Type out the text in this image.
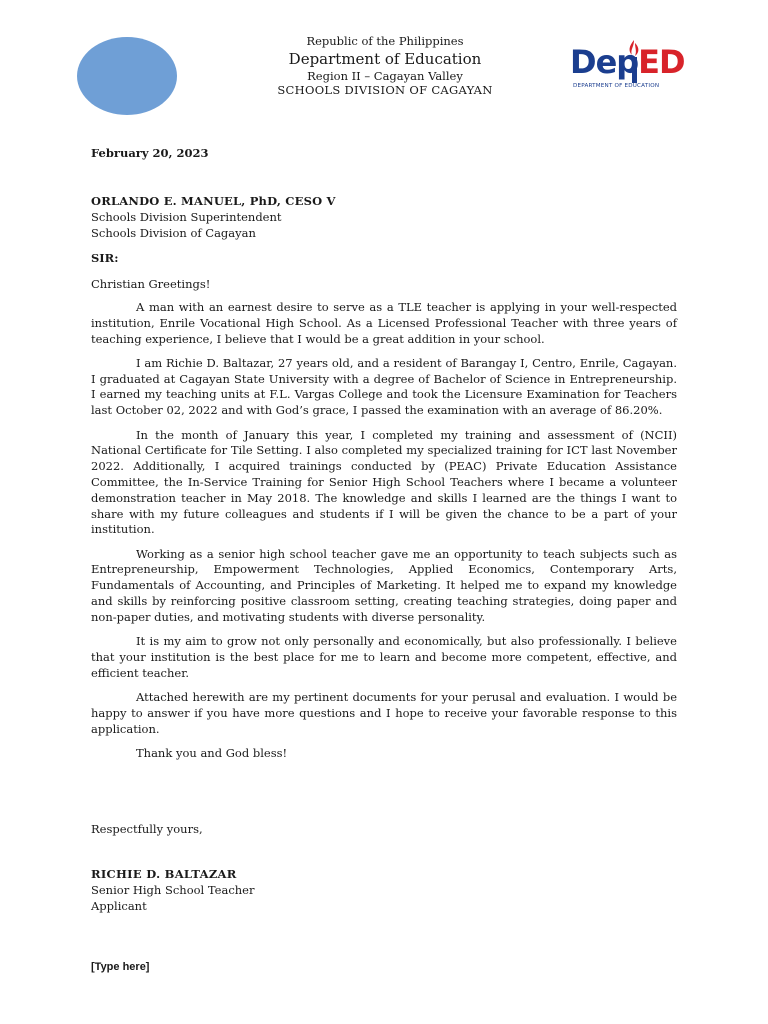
Republic of the Philippines
Department of Education
Region II – Cagayan Valley
SCHOOLS DIVISION OF CAGAYAN
DepED
DEPARTMENT OF EDUCATION
February 20, 2023
ORLANDO E. MANUEL, PhD, CESO V
Schools Division Superintendent
Schools Division of Cagayan
SIR:
Christian Greetings!

A man with an earnest desire to serve as a TLE teacher is applying in your well-respected institution, Enrile Vocational High School. As a Licensed Professional Teacher with three years of teaching experience, I believe that I would be a great addition in your school.

I am Richie D. Baltazar, 27 years old, and a resident of Barangay I, Centro, Enrile, Cagayan. I graduated at Cagayan State University with a degree of Bachelor of Science in Entrepreneurship. I earned my teaching units at F.L. Vargas College and took the Licensure Examination for Teachers last October 02, 2022 and with God’s grace, I passed the examination with an average of 86.20%.

In the month of January this year, I completed my training and assessment of (NCII) National Certificate for Tile Setting. I also completed my specialized training for ICT last November 2022. Additionally, I acquired trainings conducted by (PEAC) Private Education Assistance Committee, the In-Service Training for Senior High School Teachers where I became a volunteer demonstration teacher in May 2018. The knowledge and skills I learned are the things I want to share with my future colleagues and students if I will be given the chance to be a part of your institution.

Working as a senior high school teacher gave me an opportunity to teach subjects such as Entrepreneurship, Empowerment Technologies, Applied Economics, Contemporary Arts, Fundamentals of Accounting, and Principles of Marketing. It helped me to expand my knowledge and skills by reinforcing positive classroom setting, creating teaching strategies, doing paper and non-paper duties, and motivating students with diverse personality.

It is my aim to grow not only personally and economically, but also professionally. I believe that your institution is the best place for me to learn and become more competent, effective, and efficient teacher.

Attached herewith are my pertinent documents for your perusal and evaluation. I would be happy to answer if you have more questions and I hope to receive your favorable response to this application.

Thank you and God bless!

Respectfully yours,
RICHIE D. BALTAZAR
Senior High School Teacher
Applicant
[Type here]
